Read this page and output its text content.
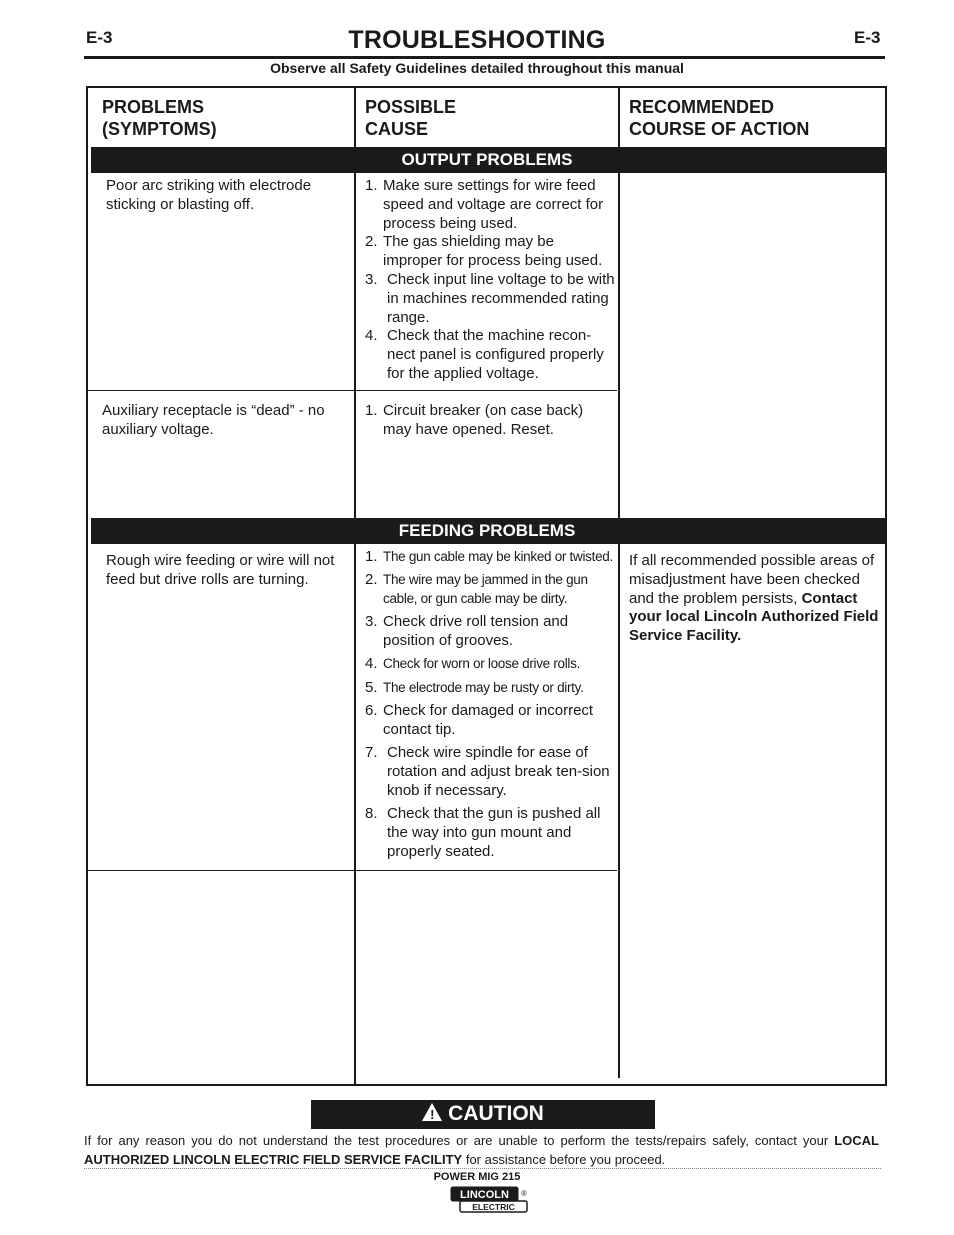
E-3	E-3
TROUBLESHOOTING
Observe all Safety Guidelines detailed throughout this manual
PROBLEMS
(SYMPTOMS)
POSSIBLE
CAUSE
RECOMMENDED
COURSE OF ACTION
OUTPUT PROBLEMS
Poor arc striking with electrode sticking or blasting off.
1. Make sure settings for wire feed speed and voltage are correct for process being used.
2. The gas shielding may be improper for process being used.
3. Check input line voltage to be with in machines recommended rating range.
4. Check that the machine recon-nect panel is configured properly for the applied voltage.
Auxiliary receptacle is “dead” - no auxiliary voltage.
1. Circuit breaker (on case back) may have opened. Reset.
FEEDING PROBLEMS
Rough wire feeding or wire will not feed but drive rolls are turning.
1. The gun cable may be kinked or twisted.
2. The wire may be jammed in the gun cable, or gun cable may be dirty.
3. Check drive roll tension and position of grooves.
4. Check for worn or loose drive rolls.
5. The electrode may be rusty or dirty.
6. Check for damaged or incorrect contact tip.
7. Check wire spindle for ease of rotation and adjust break ten-sion knob if necessary.
8. Check that the gun is pushed all the way into gun mount and properly seated.
If all recommended possible areas of misadjustment have been checked and the problem persists, Contact your local Lincoln Authorized Field Service Facility.
! CAUTION
If for any reason you do not understand the test procedures or are unable to perform the tests/repairs safely, contact your LOCAL AUTHORIZED LINCOLN ELECTRIC FIELD SERVICE FACILITY for assistance before you proceed.
POWER MIG 215
LINCOLN ®
ELECTRIC
